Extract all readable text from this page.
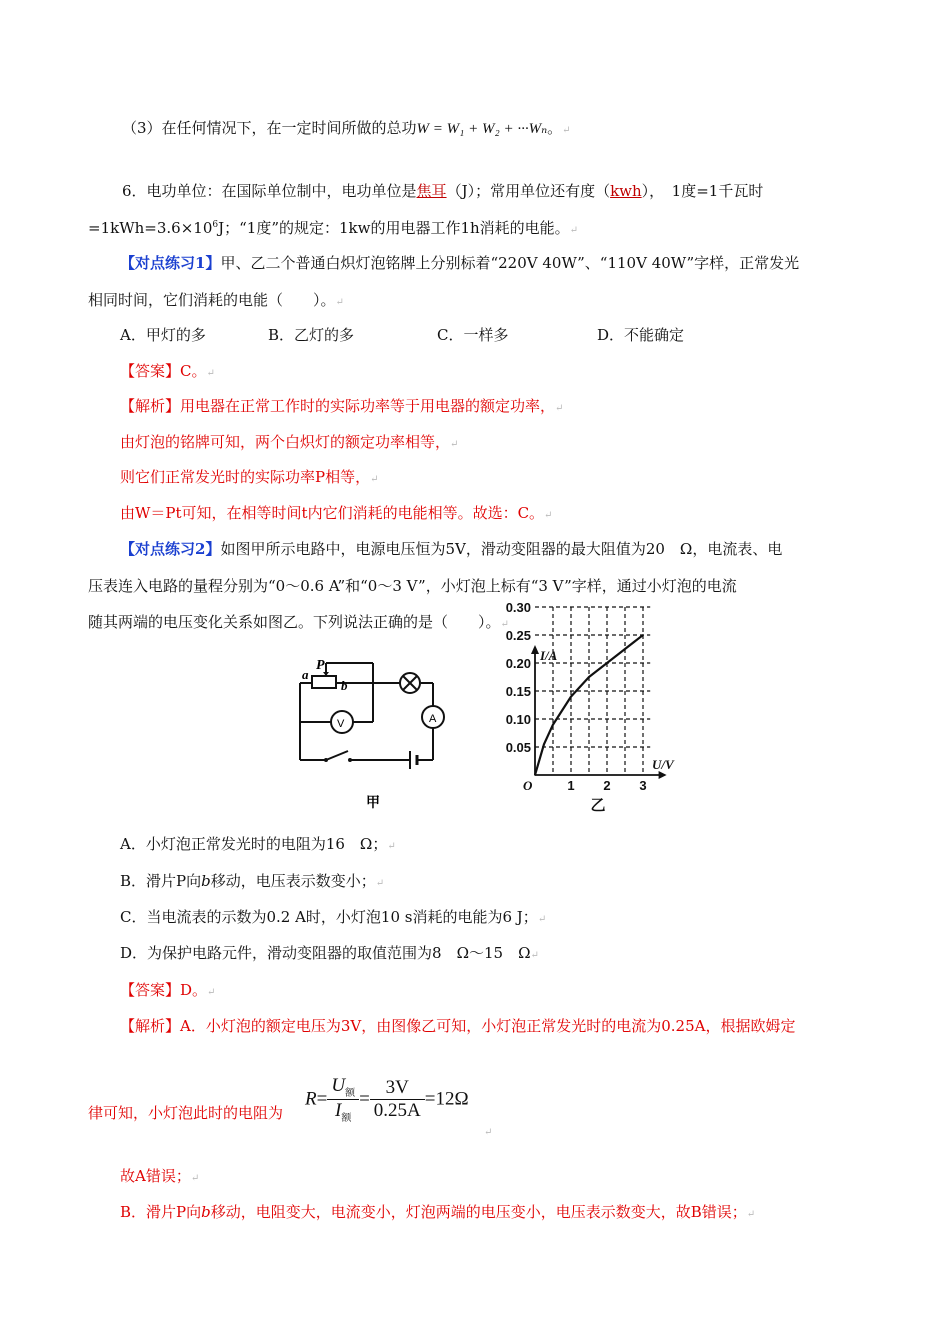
（3）在任何情况下，在一定时间所做的总功W = W₁ + W₂ + ···Wₙ。↵
6．电功单位：在国际单位制中，电功单位是焦耳（J）；常用单位还有度（kwh），　1度=1千瓦时
$=1kWh=3.6\times 10^6J$；“1度”的规定：1kw的用电器工作1h消耗的电能。↵
【对点练习1】甲、乙二个普通白炽灯泡铭牌上分别标着“220V 40W”、“110V 40W”字样，正常发光
相同时间，它们消耗的电能（　　）。↵
A．甲灯的多	B．乙灯的多	C．一样多	D．不能确定
【答案】C。↵
【解析】用电器在正常工作时的实际功率等于用电器的额定功率，↵
由灯泡的铭牌可知，两个白炽灯的额定功率相等，↵
则它们正常发光时的实际功率P相等，↵
由W＝Pt可知，在相等时间t内它们消耗的电能相等。故选：C。↵
【对点练习2】如图甲所示电路中，电源电压恒为5V，滑动变阻器的最大阻值为20　Ω，电流表、电
压表连入电路的量程分别为“0～0.6 A”和“0～3 V”，小灯泡上标有“3 V”字样，通过小灯泡的电流
随其两端的电压变化关系如图乙。下列说法正确的是（　　）。↵
a
P
b
V	A
甲
0.05
0.10
0.15
0.20
0.25
0.30
1 2 3
O
I/A
U/V
乙
A．小灯泡正常发光时的电阻为16　Ω；↵
B．滑片P向b移动，电压表示数变小；↵
C．当电流表的示数为0.2 A时，小灯泡10 s消耗的电能为6 J；↵
D．为保护电路元件，滑动变阻器的取值范围为8　Ω～15　Ω↵
【答案】D。↵
【解析】A．小灯泡的额定电压为3V，由图像乙可知，小灯泡正常发光时的电流为0.25A，根据欧姆定
律可知，小灯泡此时的电阻为
$R= \frac{U_额}{I_额} = \frac{3V}{0.25A} =12\Omega$
↵
故A错误；↵
B．滑片P向b移动，电阻变大，电流变小，灯泡两端的电压变小，电压表示数变大，故B错误；↵
